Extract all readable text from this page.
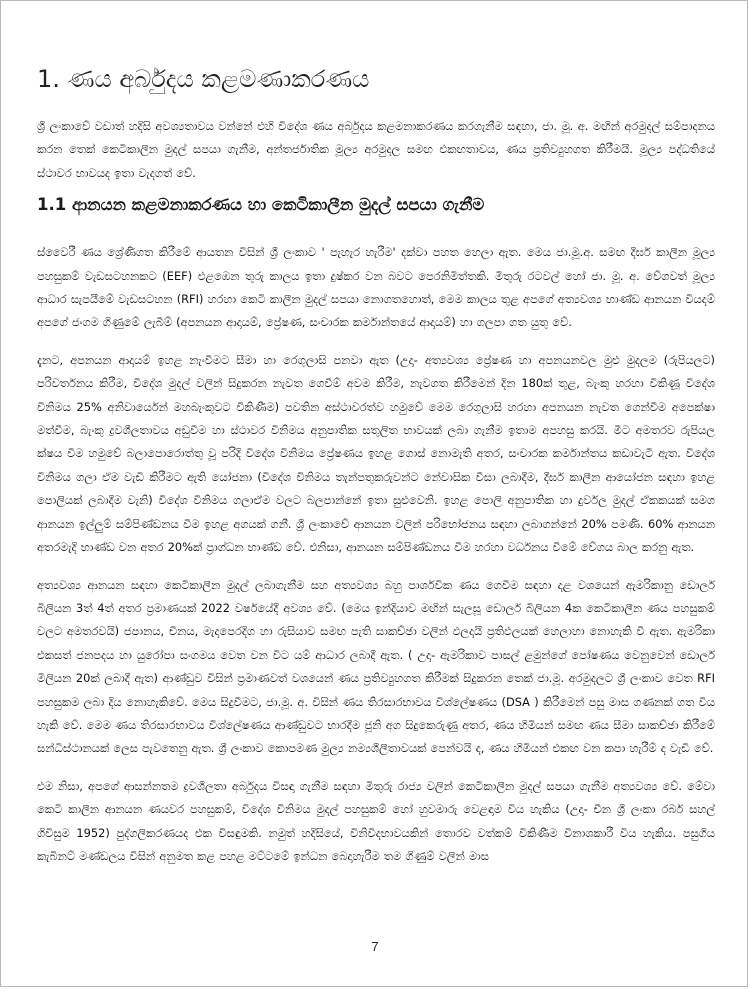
1. ණය අර්බුදය කළමණාකරණය
ශ්‍රී ලංකාවේ වඩාත් හදිසි අවශ්‍යතාවය වන්නේ එහි විදේශ ණය අර්බුදය කළමනාකරණය කරගැනීම සඳහා, ජා. මූ. අ. මඟින් අරමුදල් සම්පාදනය කරන තෙක් කෙටිකාලීන මුදල් සපයා ගැනීම, අන්තර්ජාතික මූල්‍ය අරමුදල සමඟ එකඟතාවය, ණය ප්‍රතිව්‍යුහගත කිරීමයි. මූල්‍ය පද්ධතියේ ස්ථාවර භාවයද ඉතා වැදගත් වේ.
1.1 ආනයන කළමනාකරණය හා කෙටිකාලීන මුදල් සපයා ගැනීම
ස්වෛරී ණය ශ්‍රේණිගත කිරීමේ ආයතන විසින් ශ්‍රී ලංකාව ' පැහැර හැරීම' දක්වා පහත හෙලා ඇත. මෙය ජා.මූ.අ. සමඟ දීර්ඝ කාලීන මූල්‍ය පහසුකම් වැඩසටහනකට (EEF) එළඹෙන තුරු කාලය ඉතා දුෂ්කර වන බවට පෙරනිමිත්තකි. මිතුරු රටවල් හෝ ජා. මූ. අ. වේගවත් මූල්‍ය ආධාර සැපයීමේ වැඩසටහන (RFI) හරහා කෙටි කාලීන මුදල් සපයා නොගතහොත්, මෙම කාලය තුළ අපගේ අත්‍යවශ්‍ය භාණ්ඩ ආනයන වියදම් අපගේ ජංගම ගිණුමේ ලැබීම් (අපනයන ආදායම්, ප්‍රේෂණ, සංචාරක කර්මාන්තයේ ආදායම්) හා ගලපා ගත යුතු වේ.
දැනට, අපනයන ආදායම් ඉහළ නැංවීමට සීමා හා රෙගුලාසි පනවා ඇත (උදා- අත්‍යවශ්‍ය ප්‍රේෂණ හා අපනයනවල මුළු මුදලම (රුපියලට) පරිවර්තනය කිරීම, විදේශ මුදල් වලින් සිදුකරන නැවත ගෙවීම් අවම කිරීම, නැවගත කිරීමෙන් දින 180ක් තුළ, බැංකු හරහා විකිණූ විදේශ විනිමය 25% අනිවාර්යෙන් මහබැංකුවට විකිණීම) පවතින අස්ථාවරත්ව හමුවේ මෙම රෙගුලාසි හරහා අපනයන නැවත ගෙන්වීම අපෙක්ෂා මත්වීම, බැංකු ද්‍රවශීලතාවය අඩුවීම හා ස්ථාවර විනිමය අනුපාතික සතුලිත භාවයක් ලබා ගැනීම ඉතාම අපහසු කරයි. මීට අමතරව රුපියල ක්ෂය වීම හමුවේ බලාපොරොත්තු වූ පරිදි විදේශ විනිමය ප්‍රේෂණය ඉහළ ගොස් නොමැති අතර, සංචාරක කර්මාන්තය කඩාවැටී ඇත. විදේශ විනිමය ගලා ඒම වැඩි කිරීමට ඇති යෝජනා (විදේශ විනිමය තැන්පතුකරුවන්ට නේවාසික වීසා ලබාදීම, දීර්ඝ කාලීන ආයෝජන සඳහා ඉහළ පොලියක් ලබාදීම වැනි) විදේශ විනිමය ගලාඒම වලට බලපාන්නේ ඉතා සුළුවෙනි. ඉහළ පොලි අනුපාතික හා දුර්වල මුදල් ඒකකයක් සමග ආනයන ඉල්ලුම් සම්පිණ්ඩනය වීම ඉහළ අගයක් ගනී. ශ්‍රී ලංකාවේ ආනයන වලින් පරිභෝජනය සඳහා ලබාගන්නේ 20% පමණි. 60% ආනයන අතරමැදි භාණ්ඩ වන අතර 20%ක් ප්‍රාග්ධන භාණ්ඩ වේ. එනිසා, ආනයන සම්පිණ්ඩනය වීම හරහා වර්ධනය වීමේ වේගය බාල කරනු ඇත.
අත්‍යවශ්‍ය ආනයන සඳහා කෙටිකාලීන මුදල් ලබාගැනීම සහ අත්‍යවශ්‍ය බහු පාර්ශවික ණය ගෙවීම සඳහා දළ වශයෙන් ඇමරිකානු ඩොලර් බිලියන 3ත් 4ත් අතර ප්‍රමාණයක් 2022 වර්ෂයේදී අවශ්‍ය වේ. (මෙය ඉන්දියාව මඟින් සැලසූ ඩොලර් බිලියන 4ක කෙටිකාලීන ණය පහසුකම් වලට අමතරවයි) ජපානය, චීනය, මැදපෙරදිග හා රුසියාව සමඟ පැති සාකච්ඡා වලින් ඵලදායි ප්‍රතිඵලයක් හෙලාහා නොහැකි වී ඇත. ඇමරිකා එකසත් ජනපදය හා යුරෝපා සංගමය වෙත වන විට යම් ආධාර ලබාදී ඇත. ( උදා- ඇමරිකාව පාසල් ළමුන්ගේ පෝෂණය වෙනුවෙන් ඩොලර් මිලියන 20ක් ලබාදී ඇත) ආණ්ඩුව විසින් ප්‍රමාණවත් වශයෙන් ණය ප්‍රතිව්‍යුහගත කිරීමක් සිදුකරන තෙක් ජා.මූ. අරමුදලට ශ්‍රී ලංකාව වෙත RFI පහසුකම ලබා දිය නොහැකිවේ. මෙය සිදුවීමට, ජා.මූ. අ. විසින් ණය තිරසාරභාවය විශ්ලේෂණය (DSA ) කිරීමෙන් පසු මාස ගණනක් ගත විය හැකි වේ. මෙම ණය තිරසාරභාවය විශ්ලේෂණය ආණ්ඩුවට භාරදීම ජූනි අග සිදුකෙරුණු අතර, ණය හිමියන් සමඟ ණය සීමා සාකච්ඡා කිරීමේ සන්ධිස්ථානයක් ලෙස පැවතෙනු ඇත. ශ්‍රී ලංකාව කොපමණ මුල්‍ය නම්‍යශීලීතාවයක් පෙන්වයි ද, ණය හිමියන් එකඟ වන කපා හැරීම් ද වැඩි වේ.
එම නිසා, අපගේ ආසන්නතම ද්‍රවශීලතා අර්බුදය විසඳා ගැනීම සඳහා මිතුරු රාජ්‍ය වලින් කෙටිකාලීන මුදල් සපයා ගැනීම අත්‍යවශ්‍ය වේ. මේවා කෙටි කාලීන ආනයන ණයවර පහසුකම්, විදේශ විනිමය මුදල් පහසුකම් හෝ හුවමාරු වෙළඳාම විය හැකිය (උදා- චීන ශ්‍රී ලංකා රබර් සහල් ගිවිසුම 1952) පුද්ගලිකරණයද එක විසඳුමකි. නමුත් හදිසියේ, විනිවිදභාවයකින් තොරව වත්කම් විකිණීම විනාශකාරී විය හැකිය. පසුගිය කැබිනට් මණ්ඩලය විසින් අනුමත කළ පහළ මට්ටමේ ඉන්ධන බෙදාහැරීම තම ගිණුම් වලින් මාස
7
